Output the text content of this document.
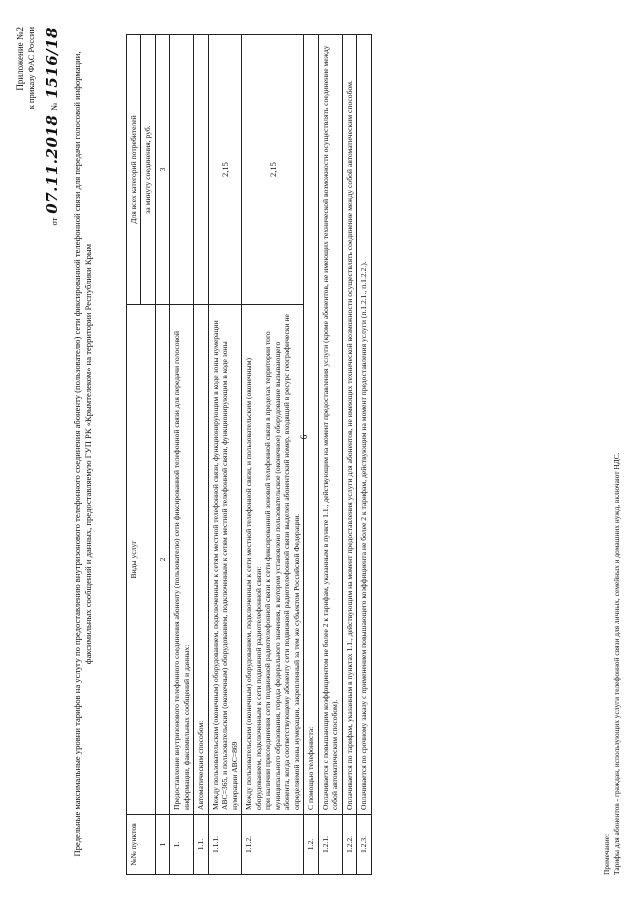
6
Приложение №2 к приказу ФАС России
от
07.11.2018
№
1516/18 Предельные максимальные уровни тарифов на услугу по предоставлению внутризонового телефонного соединения абоненту (пользователю) сети фиксированной телефонной связи для передачи голосовой информации, факсимильных сообщений и данных, предоставляемую ГУП РК «Крымтелеком» на территории Республики Крым
№№ пунктов	Виды услуг	Для всех категорий потребителей
		за минуту соединения, руб.
1	2	3
1.	Предоставление внутризонового телефонного соединения абоненту (пользователю) сети фиксированной телефонной связи для передачи голосовой информации, факсимильных сообщений и данных:	
1.1.	Автоматическим способом:	
1.1.1.	Между пользовательским (оконечным) оборудованием, подключенным к сетям местной телефонной связи, функционирующим в коде зоны нумерации АВС=365, и пользовательским (оконечным) оборудованием, подключенным к сетям местной телефонной связи, функционирующим в коде зоны нумерации АВС=869	2,15
1.1.2.	Между пользовательским (оконечным) оборудованием, подключенным к сети местной телефонной связи, и пользовательским (оконечным) оборудованием, подключенным к сети подвижной радиотелефонной связи: при наличии присоединения сети подвижной радиотелефонной связи к сети фиксированной зоновой телефонной связи в пределах территории того муниципального образования, города федерального значения, в котором установлено пользовательское (оконечное) оборудование вызывающего абонента, когда соответствующему абоненту сети подвижной радиотелефонной связи выделен абонентский номер, входящий в ресурс географически не определяемой зоны нумерации, закрепленный за тем же субъектом Российской Федерации.	2,15
1.2.	С помощью телефониста:	
1.2.1.	Оплачивается с повышающим коэффициентом не более 2 к тарифам, указанным в пункте 1.1., действующим на момент предоставления услуги (кроме абонентов, не имеющих технической возможности осуществлять соединение между собой автоматическим способом).	
1.2.2.	Оплачивается по тарифам, указанным в пунктах 1.1., действующим на момент предоставления услуги для абонентов, не имеющих технической возможности осуществлять соединение между собой автоматическим способом.	
1.2.3.	Оплачивается по срочному заказу с применением повышающего коэффициента не более 2 к тарифам, действующим на момент предоставления услуги (п.1.2.1., п.1.2.2.).	
Примечание: Тарифы для абонентов - граждан, использующих услуги телефонной связи для личных, семейных и домашних нужд, включают НДС.
